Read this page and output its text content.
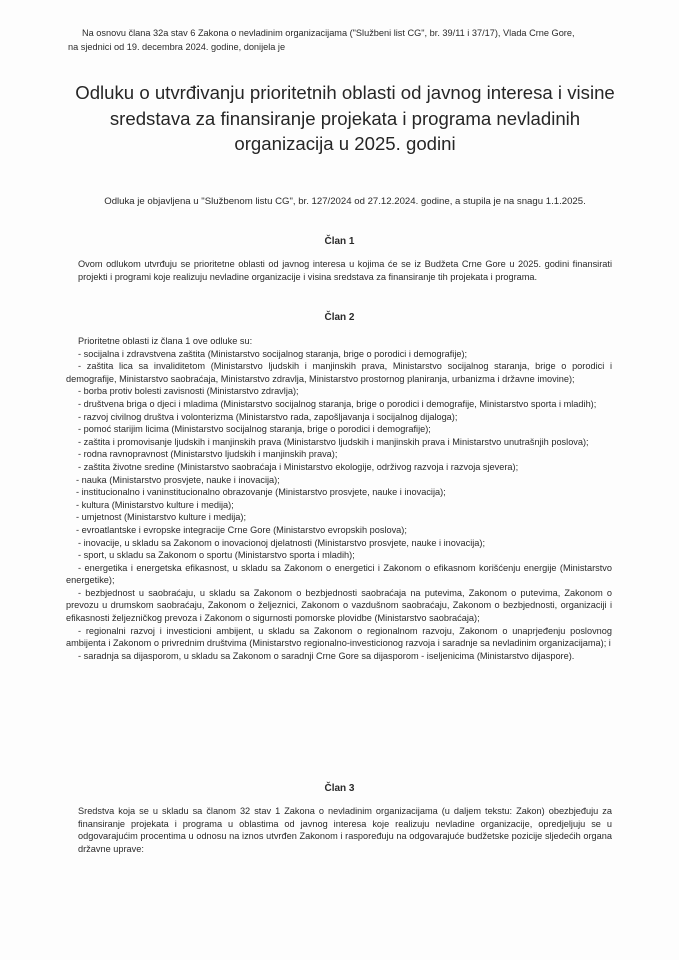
Na osnovu člana 32a stav 6 Zakona o nevladinim organizacijama ("Službeni list CG", br. 39/11 i 37/17), Vlada Crne Gore,
na sjednici od 19. decembra 2024. godine, donijela je
Odluku o utvrđivanju prioritetnih oblasti od javnog interesa i visine
sredstava za finansiranje projekata i programa nevladinih
organizacija u 2025. godini
Odluka je objavljena u "Službenom listu CG", br. 127/2024 od 27.12.2024. godine, a stupila je na snagu 1.1.2025.
Član 1
Ovom odlukom utvrđuju se prioritetne oblasti od javnog interesa u kojima će se iz Budžeta Crne Gore u 2025. godini finansirati projekti i programi koje realizuju nevladine organizacije i visina sredstava za finansiranje tih projekata i programa.
Član 2
Prioritetne oblasti iz člana 1 ove odluke su:
- socijalna i zdravstvena zaštita (Ministarstvo socijalnog staranja, brige o porodici i demografije);
- zaštita lica sa invaliditetom (Ministarstvo ljudskih i manjinskih prava, Ministarstvo socijalnog staranja, brige o porodici i demografije, Ministarstvo saobraćaja, Ministarstvo zdravlja, Ministarstvo prostornog planiranja, urbanizma i državne imovine);
- borba protiv bolesti zavisnosti (Ministarstvo zdravlja);
- društvena briga o djeci i mladima (Ministarstvo socijalnog staranja, brige o porodici i demografije, Ministarstvo sporta i mladih);
- razvoj civilnog društva i volonterizma (Ministarstvo rada, zapošljavanja i socijalnog dijaloga);
- pomoć starijim licima (Ministarstvo socijalnog staranja, brige o porodici i demografije);
- zaštita i promovisanje ljudskih i manjinskih prava (Ministarstvo ljudskih i manjinskih prava i Ministarstvo unutrašnjih poslova);
- rodna ravnopravnost (Ministarstvo ljudskih i manjinskih prava);
- zaštita životne sredine (Ministarstvo saobraćaja i Ministarstvo ekologije, održivog razvoja i razvoja sjevera);
- nauka (Ministarstvo prosvjete, nauke i inovacija);
- institucionalno i vaninstitucionalno obrazovanje (Ministarstvo prosvjete, nauke i inovacija);
- kultura (Ministarstvo kulture i medija);
- umjetnost (Ministarstvo kulture i medija);
- evroatlantske i evropske integracije Crne Gore (Ministarstvo evropskih poslova);
- inovacije, u skladu sa Zakonom o inovacionoj djelatnosti (Ministarstvo prosvjete, nauke i inovacija);
- sport, u skladu sa Zakonom o sportu (Ministarstvo sporta i mladih);
- energetika i energetska efikasnost, u skladu sa Zakonom o energetici i Zakonom o efikasnom korišćenju energije (Ministarstvo energetike);
- bezbjednost u saobraćaju, u skladu sa Zakonom o bezbjednosti saobraćaja na putevima, Zakonom o putevima, Zakonom o prevozu u drumskom saobraćaju, Zakonom o željeznici, Zakonom o vazdušnom saobraćaju, Zakonom o bezbjednosti, organizaciji i efikasnosti željezničkog prevoza i Zakonom o sigurnosti pomorske plovidbe (Ministarstvo saobraćaja);
- regionalni razvoj i investicioni ambijent, u skladu sa Zakonom o regionalnom razvoju, Zakonom o unaprjeđenju poslovnog ambijenta i Zakonom o privrednim društvima (Ministarstvo regionalno-investicionog razvoja i saradnje sa nevladinim organizacijama); i
- saradnja sa dijasporom, u skladu sa Zakonom o saradnji Crne Gore sa dijasporom - iseljenicima (Ministarstvo dijaspore).
Član 3
Sredstva koja se u skladu sa članom 32 stav 1 Zakona o nevladinim organizacijama (u daljem tekstu: Zakon) obezbjeđuju za finansiranje projekata i programa u oblastima od javnog interesa koje realizuju nevladine organizacije, opredjeljuju se u odgovarajućim procentima u odnosu na iznos utvrđen Zakonom i raspoređuju na odgovarajuće budžetske pozicije sljedećih organa državne uprave:
